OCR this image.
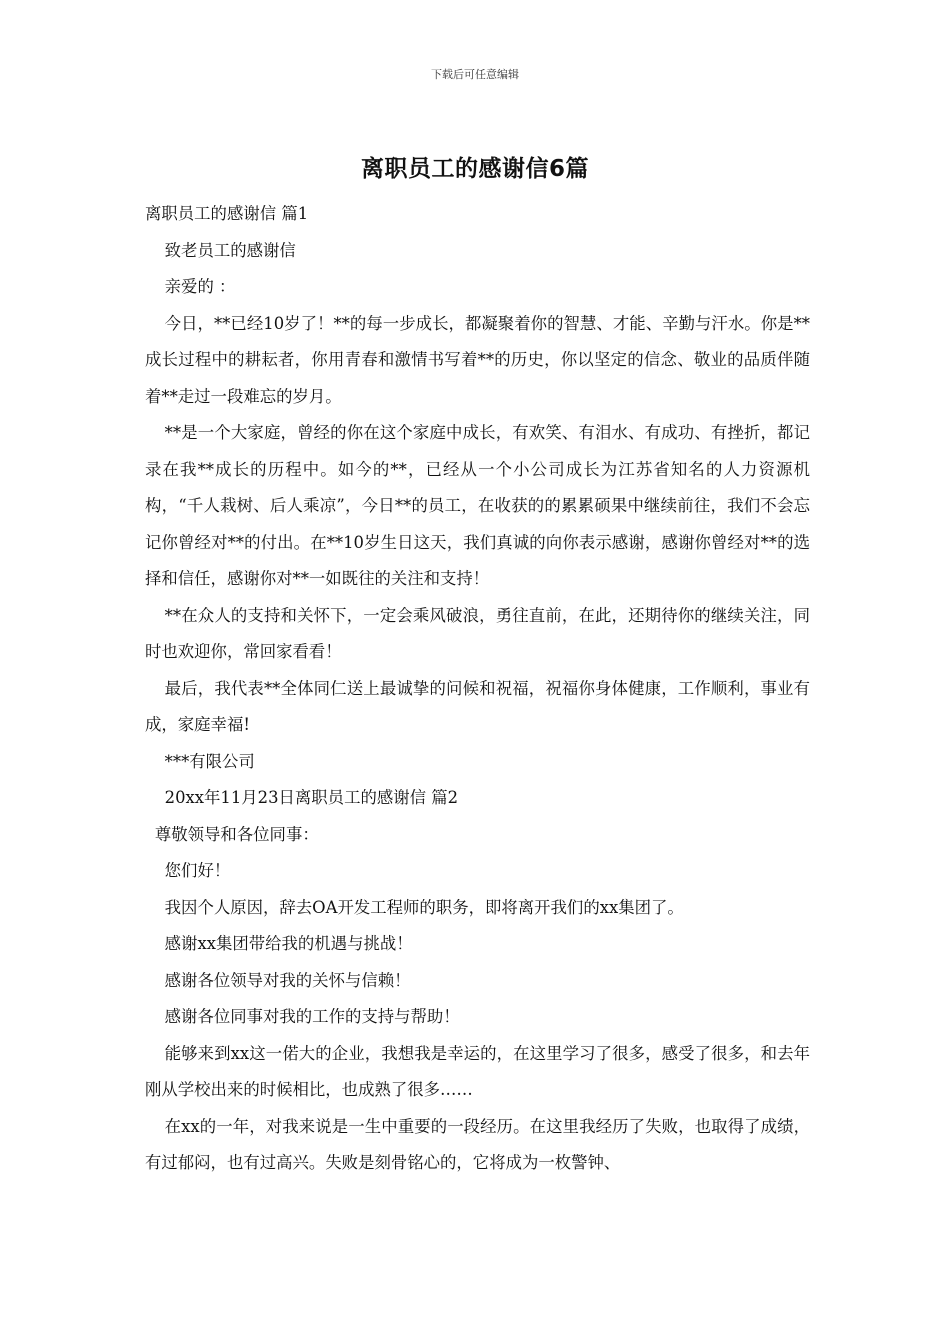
下载后可任意编辑
离职员工的感谢信6篇

离职员工的感谢信 篇1

致老员工的感谢信

亲爱的 ：

今日，**已经10岁了！**的每一步成长，都凝聚着你的智慧、才能、辛勤与汗水。你是**成长过程中的耕耘者，你用青春和激情书写着**的历史，你以坚定的信念、敬业的品质伴随着**走过一段难忘的岁月。

**是一个大家庭，曾经的你在这个家庭中成长，有欢笑、有泪水、有成功、有挫折，都记录在我**成长的历程中。如今的**，已经从一个小公司成长为江苏省知名的人力资源机构，“千人栽树、后人乘凉”，今日**的员工，在收获的的累累硕果中继续前往，我们不会忘记你曾经对**的付出。在**10岁生日这天，我们真诚的向你表示感谢，感谢你曾经对**的选择和信任，感谢你对**一如既往的关注和支持！

**在众人的支持和关怀下，一定会乘风破浪，勇往直前，在此，还期待你的继续关注，同时也欢迎你，常回家看看！

最后，我代表**全体同仁送上最诚挚的问候和祝福，祝福你身体健康，工作顺利，事业有成，家庭幸福!

***有限公司

20xx年11月23日离职员工的感谢信 篇2

尊敬领导和各位同事：

您们好！

我因个人原因，辞去OA开发工程师的职务，即将离开我们的xx集团了。

感谢xx集团带给我的机遇与挑战！

感谢各位领导对我的关怀与信赖！

感谢各位同事对我的工作的支持与帮助！

能够来到xx这一偌大的企业，我想我是幸运的，在这里学习了很多，感受了很多，和去年刚从学校出来的时候相比，也成熟了很多……

在xx的一年，对我来说是一生中重要的一段经历。在这里我经历了失败，也取得了成绩，有过郁闷，也有过高兴。失败是刻骨铭心的，它将成为一枚警钟、
